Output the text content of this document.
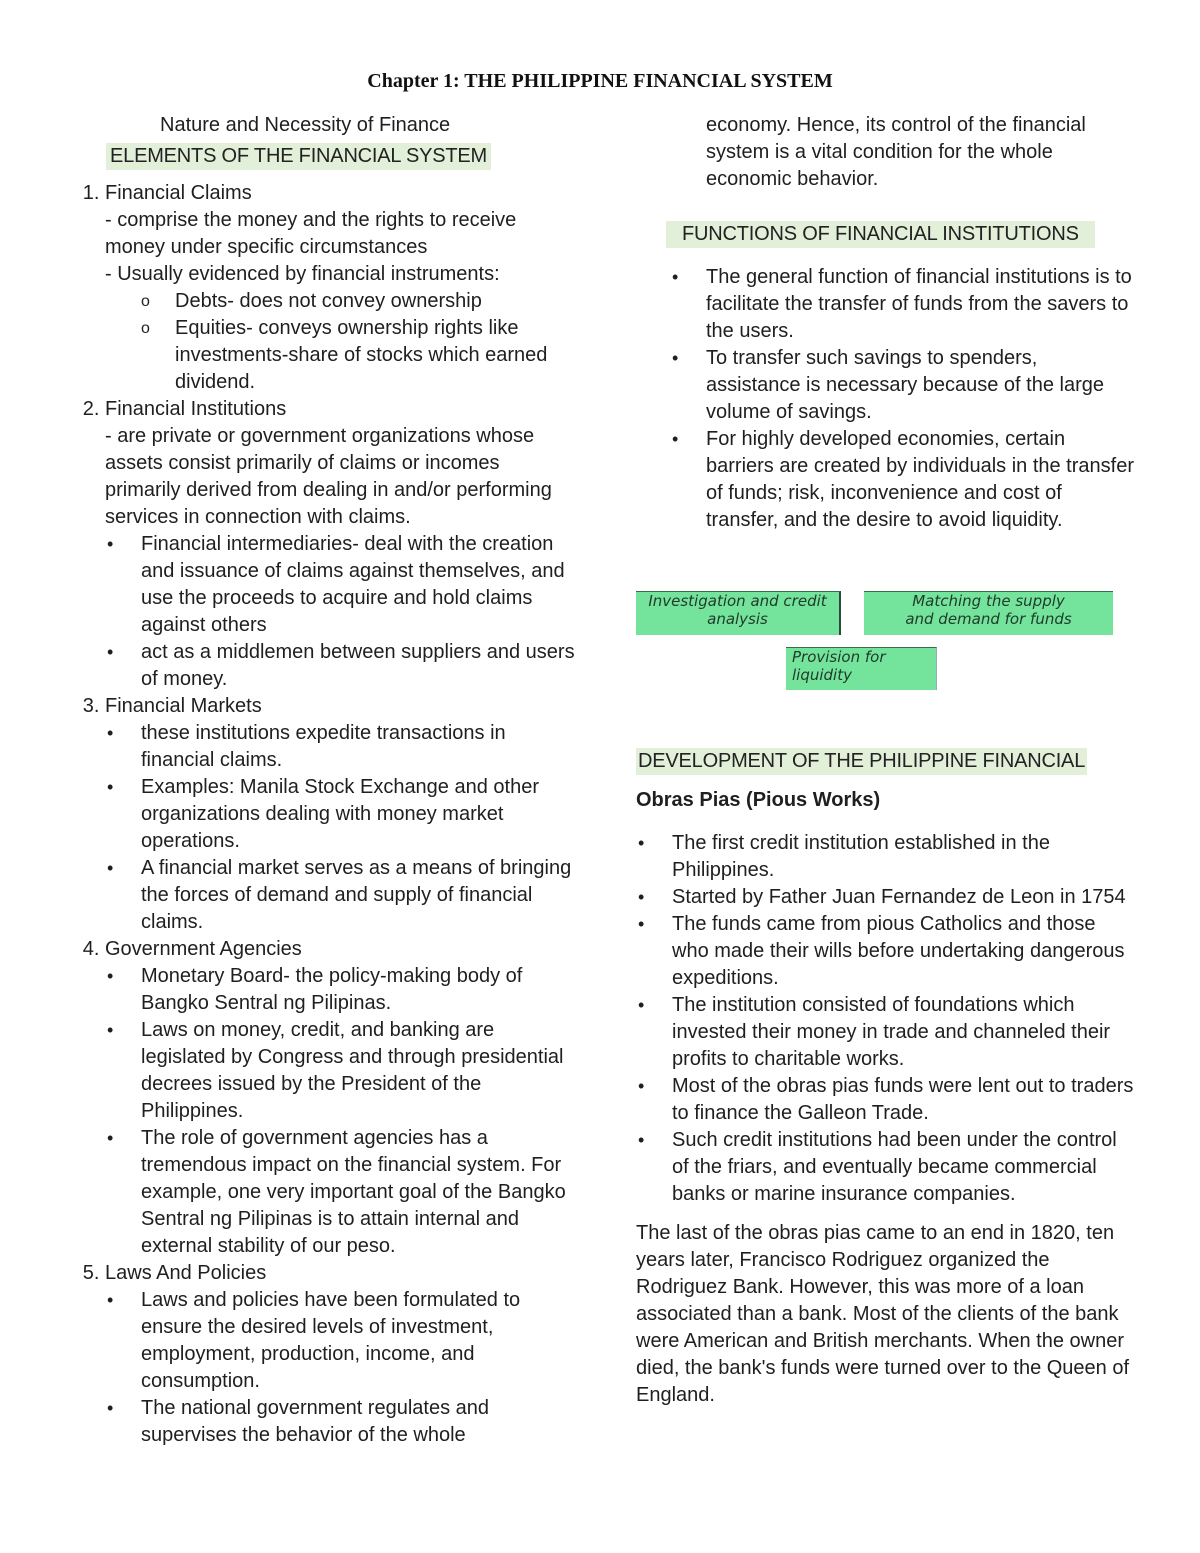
Chapter 1: THE PHILIPPINE FINANCIAL SYSTEM
Nature and Necessity of Finance
ELEMENTS OF THE FINANCIAL SYSTEM
1. Financial Claims
- comprise the money and the rights to receive money under specific circumstances
- Usually evidenced by financial instruments:
o Debts- does not convey ownership
o Equities- conveys ownership rights like investments-share of stocks which earned dividend.
2. Financial Institutions
- are private or government organizations whose assets consist primarily of claims or incomes primarily derived from dealing in and/or performing services in connection with claims.
• Financial intermediaries- deal with the creation and issuance of claims against themselves, and use the proceeds to acquire and hold claims against others
• act as a middlemen between suppliers and users of money.
3. Financial Markets
• these institutions expedite transactions in financial claims.
• Examples: Manila Stock Exchange and other organizations dealing with money market operations.
• A financial market serves as a means of bringing the forces of demand and supply of financial claims.
4. Government Agencies
• Monetary Board- the policy-making body of Bangko Sentral ng Pilipinas.
• Laws on money, credit, and banking are legislated by Congress and through presidential decrees issued by the President of the Philippines.
• The role of government agencies has a tremendous impact on the financial system. For example, one very important goal of the Bangko Sentral ng Pilipinas is to attain internal and external stability of our peso.
5. Laws And Policies
• Laws and policies have been formulated to ensure the desired levels of investment, employment, production, income, and consumption.
• The national government regulates and supervises the behavior of the whole
economy. Hence, its control of the financial system is a vital condition for the whole economic behavior.
FUNCTIONS OF FINANCIAL INSTITUTIONS
• The general function of financial institutions is to facilitate the transfer of funds from the savers to the users.
• To transfer such savings to spenders, assistance is necessary because of the large volume of savings.
• For highly developed economies, certain barriers are created by individuals in the transfer of funds; risk, inconvenience and cost of transfer, and the desire to avoid liquidity.
Investigation and credit
analysis
Matching the supply
and demand for funds
Provision for
liquidity
DEVELOPMENT OF THE PHILIPPINE FINANCIAL
Obras Pias (Pious Works)
• The first credit institution established in the Philippines.
• Started by Father Juan Fernandez de Leon in 1754
• The funds came from pious Catholics and those who made their wills before undertaking dangerous expeditions.
• The institution consisted of foundations which invested their money in trade and channeled their profits to charitable works.
• Most of the obras pias funds were lent out to traders to finance the Galleon Trade.
• Such credit institutions had been under the control of the friars, and eventually became commercial banks or marine insurance companies.

The last of the obras pias came to an end in 1820, ten years later, Francisco Rodriguez organized the Rodriguez Bank. However, this was more of a loan associated than a bank. Most of the clients of the bank were American and British merchants. When the owner died, the bank's funds were turned over to the Queen of England.
